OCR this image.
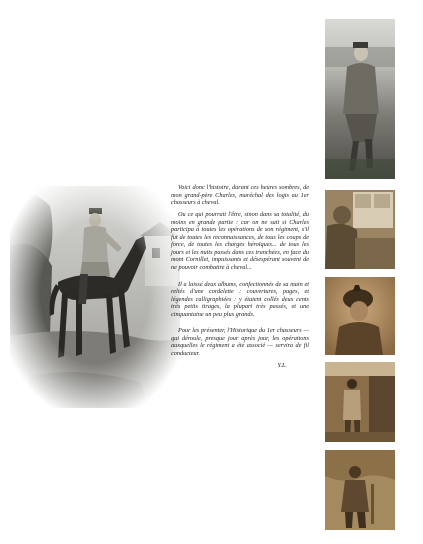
Voici donc l'histoire, durant ces heures sombres, de mon grand-père Charles, maréchal des logis au 1er chasseurs à cheval.

Ou ce qui pourrait l'être, sinon dans sa totalité, du moins en grande partie : car on ne sait si Charles participa à toutes les opérations de son régiment, s'il fut de toutes les reconnaissances, de tous les coups de force, de toutes les charges héroïques... de tous les jours et les nuits passés dans ces tranchées, en face du mont Cornillet, impuissants et désespérant souvent de ne pouvoir combattre à cheval...

Il a laissé deux albums, confectionnés de sa main et reliés d'une cordelette : couvertures, pages, et légendes calligraphiées : y étaient collés deux cents très petits tirages, la plupart très passés, et une cinquantaine un peu plus grands.

Pour les présenter, l'Historique du 1er chasseurs — qui déroule, presque jour après jour, les opérations auxquelles le régiment a été associé — servira de fil conducteur.

Y.L.
